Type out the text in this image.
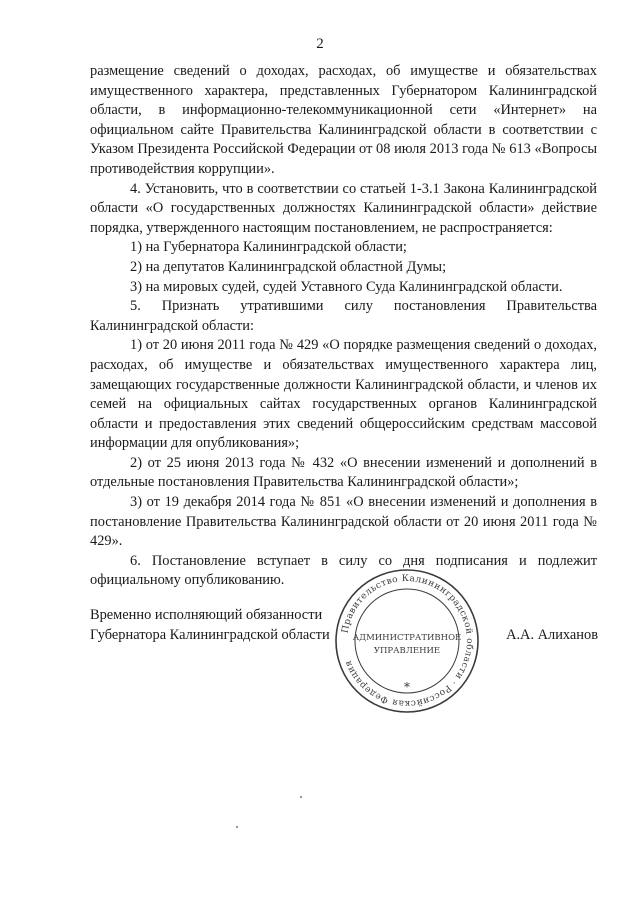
2

размещение сведений о доходах, расходах, об имуществе и обязательствах имущественного характера, представленных Губернатором Калининградской области, в информационно-телекоммуникационной сети «Интернет» на официальном сайте Правительства Калининградской области в соответствии с Указом Президента Российской Федерации от 08 июля 2013 года № 613 «Вопросы противодействия коррупции».

4. Установить, что в соответствии со статьей 1-3.1 Закона Калининградской области «О государственных должностях Калининградской области» действие порядка, утвержденного настоящим постановлением, не распространяется:

1) на Губернатора Калининградской области;

2) на депутатов Калининградской областной Думы;

3) на мировых судей, судей Уставного Суда Калининградской области.

5. Признать утратившими силу постановления Правительства Калининградской области:

1) от 20 июня 2011 года № 429 «О порядке размещения сведений о доходах, расходах, об имуществе и обязательствах имущественного характера лиц, замещающих государственные должности Калининградской области, и членов их семей на официальных сайтах государственных органов Калининградской области и предоставления этих сведений общероссийским средствам массовой информации для опубликования»;

2) от 25 июня 2013 года № 432 «О внесении изменений и дополнений в отдельные постановления Правительства Калининградской области»;

3) от 19 декабря 2014 года № 851 «О внесении изменений и дополнения в постановление Правительства Калининградской области от 20 июня 2011 года № 429».

6. Постановление вступает в силу со дня подписания и подлежит официальному опубликованию.

Временно исполняющий обязанности
Губернатора Калининградской области Правительство Калининградской области · Российская Федерация
АДМИНИСТРАТИВНОЕ
УПРАВЛЕНИЕ
*
А.А. Алиханов
